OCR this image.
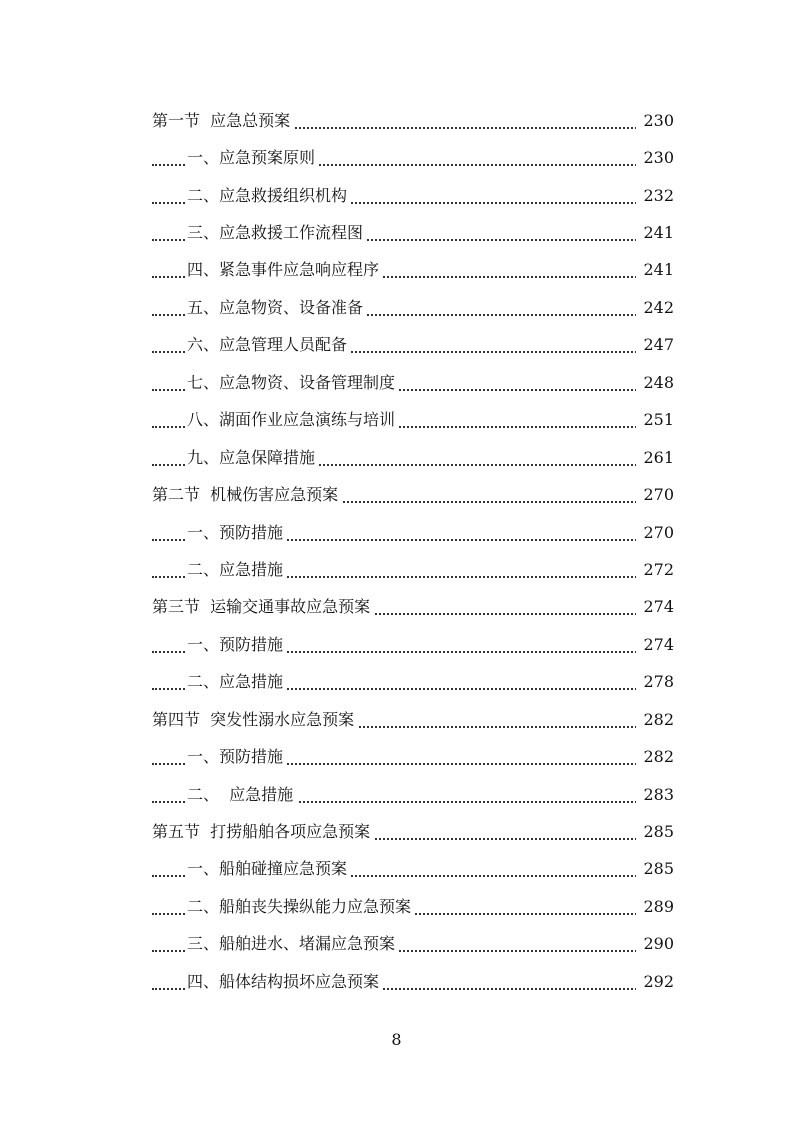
第一节  应急总预案	230
一、应急预案原则	230
二、应急救援组织机构	232
三、应急救援工作流程图	241
四、紧急事件应急响应程序	241
五、应急物资、设备准备	242
六、应急管理人员配备	247
七、应急物资、设备管理制度	248
八、湖面作业应急演练与培训	251
九、应急保障措施	261
第二节  机械伤害应急预案	270
一、预防措施	270
二、应急措施	272
第三节  运输交通事故应急预案	274
一、预防措施	274
二、应急措施	278
第四节  突发性溺水应急预案	282
一、预防措施	282
二、  应急措施	283
第五节  打捞船舶各项应急预案	285
一、船舶碰撞应急预案	285
二、船舶丧失操纵能力应急预案	289
三、船舶进水、堵漏应急预案	290
四、船体结构损坏应急预案	292
8
